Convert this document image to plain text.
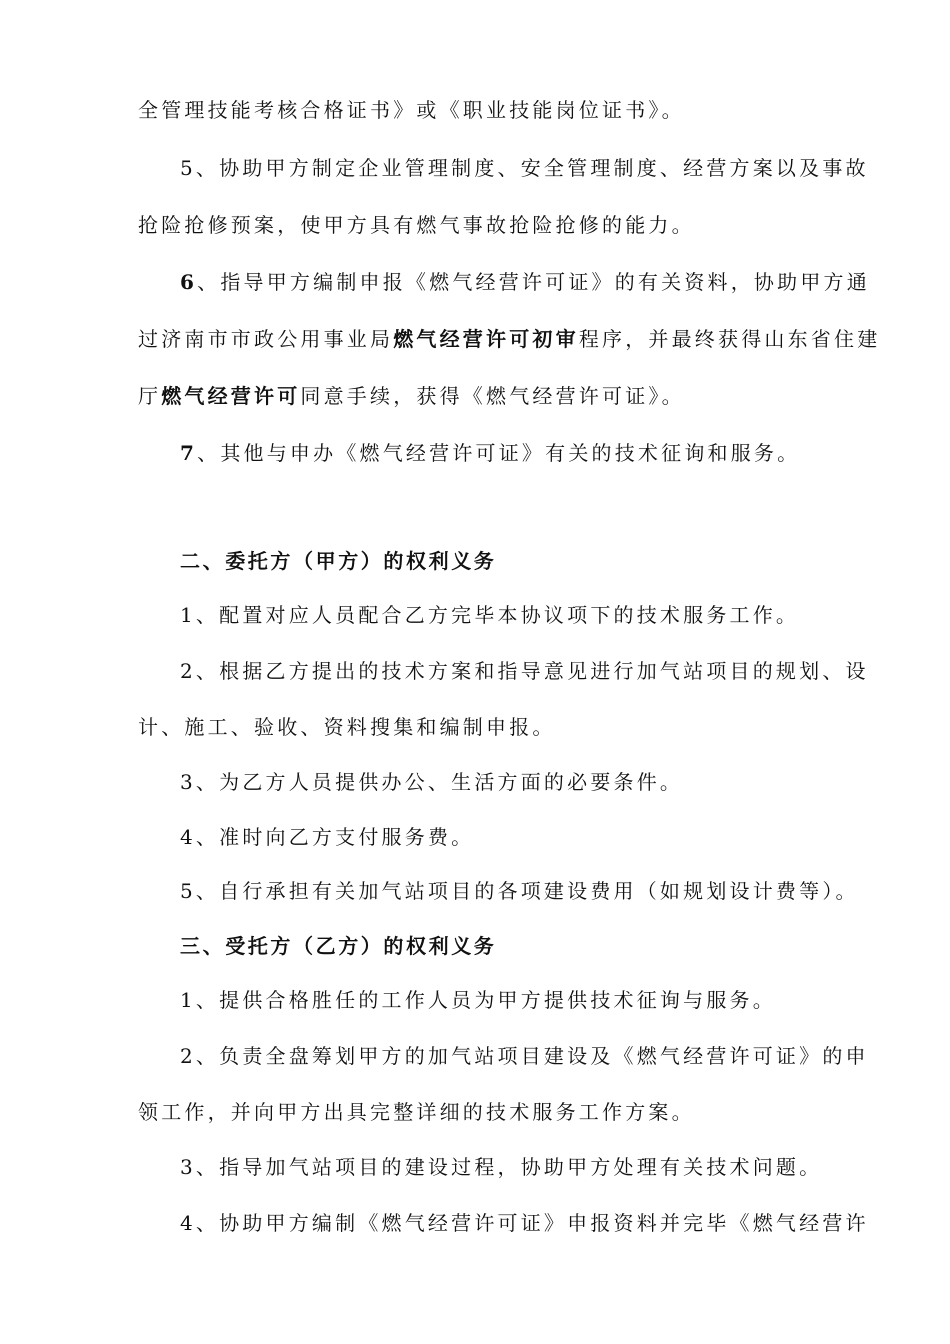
全管理技能考核合格证书》或《职业技能岗位证书》。
5、协助甲方制定企业管理制度、安全管理制度、经营方案以及事故
抢险抢修预案，使甲方具有燃气事故抢险抢修的能力。
6、指导甲方编制申报《燃气经营许可证》的有关资料，协助甲方通
过济南市市政公用事业局燃气经营许可初审程序，并最终获得山东省住建
厅燃气经营许可同意手续，获得《燃气经营许可证》。
7、其他与申办《燃气经营许可证》有关的技术征询和服务。
二、委托方（甲方）的权利义务
1、配置对应人员配合乙方完毕本协议项下的技术服务工作。
2、根据乙方提出的技术方案和指导意见进行加气站项目的规划、设
计、施工、验收、资料搜集和编制申报。
3、为乙方人员提供办公、生活方面的必要条件。
4、准时向乙方支付服务费。
5、自行承担有关加气站项目的各项建设费用（如规划设计费等）。
三、受托方（乙方）的权利义务
1、提供合格胜任的工作人员为甲方提供技术征询与服务。
2、负责全盘筹划甲方的加气站项目建设及《燃气经营许可证》的申
领工作，并向甲方出具完整详细的技术服务工作方案。
3、指导加气站项目的建设过程，协助甲方处理有关技术问题。
4、协助甲方编制《燃气经营许可证》申报资料并完毕《燃气经营许
